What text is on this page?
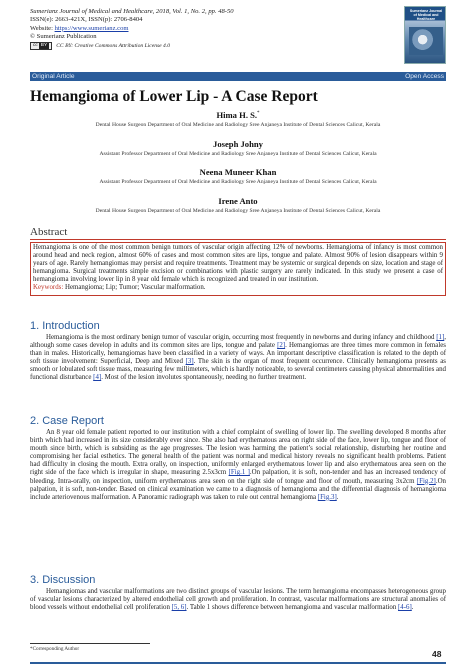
Sumerianz Journal of Medical and Healthcare, 2018, Vol. 1, No. 2, pp. 48-50
ISSN(e): 2663-421X, ISSN(p): 2706-8404
Website: https://www.sumerianz.com
© Sumerianz Publication
cc BY	CC BY: Creative Commons Attribution License 4.0
Sumerianz Journal of Medical and Healthcare
Original Article	Open Access
Hemangioma of Lower Lip - A Case Report
Hima H. S.*
Dental House Surgeon Department of Oral Medicine and Radiology Sree Anjaneya Institute of Dental Sciences Calicut, Kerala
Joseph Johny
Assistant Professor Department of Oral Medicine and Radiology Sree Anjaneya Institute of Dental Sciences Calicut, Kerala
Neena Muneer Khan
Assistant Professor Department of Oral Medicine and Radiology Sree Anjaneya Institute of Dental Sciences Calicut, Kerala
Irene Anto
Dental House Surgeon Department of Oral Medicine and Radiology Sree Anjaneya Institute of Dental Sciences Calicut, Kerala
Abstract
Hemangioma is one of the most common benign tumors of vascular origin affecting 12% of newborns. Hemangioma of infancy is most common around head and neck region, almost 60% of cases and most common sites are lips, tongue and palate. Almost 90% of lesion disappears within 9 years of age. Rarely hemangiomas may persist and require treatments. Treatment may be systemic or surgical depends on size, location and stage of hemangioma. Surgical treatments simple excision or combinations with plastic surgery are rarely indicated. In this study we present a case of hemangioma involving lower lip in 8 year old female which is recognized and treated in our institution.
Keywords: Hemangioma; Lip; Tumor; Vascular malformation.
1. Introduction
Hemangioma is the most ordinary benign tumor of vascular origin, occurring most frequently in newborns and during infancy and childhood [1], although some cases develop in adults and its common sites are lips, tongue and palate [2]. Hemangiomas are three times more common in females than in males. Historically, hemangiomas have been classified in a variety of ways. An important descriptive classification is related to the depth of soft tissue involvement: Superficial, Deep and Mixed [3]. The skin is the organ of most frequent occurrence. Clinically hemangioma presents as smooth or lobulated soft tissue mass, measuring few millimeters, which is hardly noticeable, to several centimeters causing physical abnormalities and functional disturbance [4]. Most of the lesion involutes spontaneously, needing no further treatment.
2. Case Report
An 8 year old female patient reported to our institution with a chief complaint of swelling of lower lip. The swelling developed 8 months after birth which had increased in its size considerably ever since. She also had erythematous area on right side of the face, lower lip, tongue and floor of mouth since birth, which is subsiding as the age progresses. The lesion was harming the patient’s social relationship, disturbing her routine and compromising her facial esthetics. The general health of the patient was normal and medical history reveals no significant health problems. Patient had difficulty in closing the mouth. Extra orally, on inspection, uniformly enlarged erythematous lower lip and also erythematous area seen on the right side of the face which is irregular in shape, measuring 2.5x3cm [Fig.1 ].On palpation, it is soft, non-tender and has an increased tendency of bleeding. Intra-orally, on inspection, uniform erythematous area seen on the right side of tongue and floor of mouth, measuring 3x2cm [Fig.2].On palpation, it is soft, non-tender. Based on clinical examination we came to a diagnosis of hemangioma and the differential diagnosis of hemangioma include arteriovenous malformation. A Panoramic radiograph was taken to rule out central hemangioma [Fig.3].
3. Discussion
Hemangiomas and vascular malformations are two distinct groups of vascular lesions. The term hemangioma encompasses heterogeneous group of vascular lesions characterized by altered endothelial cell growth and proliferation. In contrast, vascular malformations are structural anomalies of blood vessels without endothelial cell proliferation [5, 6]. Table 1 shows difference between hemangioma and vascular malformation [4-6].
*Corresponding Author	48
